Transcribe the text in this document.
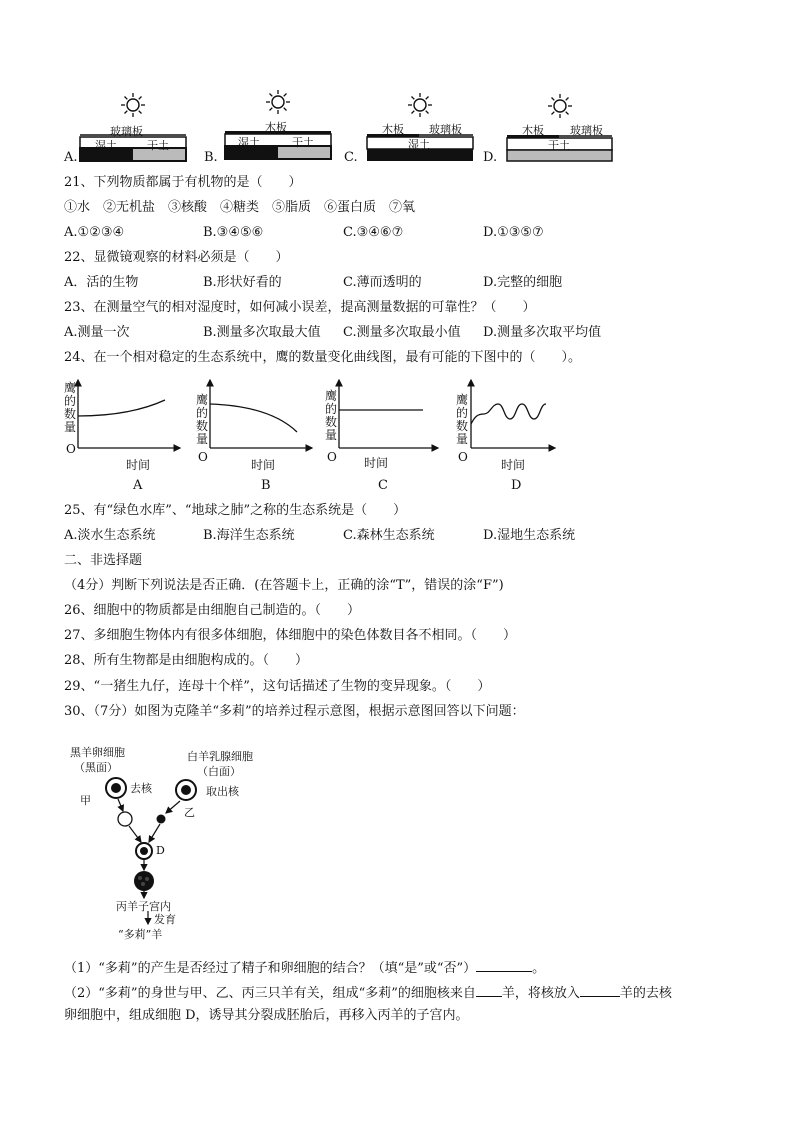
A.	B.	C.	D.
玻璃板
湿土	干土
木板
湿土	干土
木板 玻璃板
湿土
木板 玻璃板
干土
21、下列物质都属于有机物的是（　　）
①水　②无机盐　③核酸　④糖类　⑤脂质　⑥蛋白质　⑦氧
A.①②③④	B.③④⑤⑥	C.③④⑥⑦	D.①③⑤⑦
22、显微镜观察的材料必须是（　　）
A．活的生物	B.形状好看的	C.薄而透明的	D.完整的细胞
23、在测量空气的相对湿度时，如何减小误差，提高测量数据的可靠性？（　　）
A.测量一次	B.测量多次取最大值 C.测量多次取最小值 D.测量多次取平均值
24、在一个相对稳定的生态系统中，鹰的数量变化曲线图，最有可能的下图中的（　　）。
鹰
的
数
量
鹰
的
数
量
鹰
的
数
量
鹰
的
数
量
O
O	O	O
时间	时间	时间	时间
A	B	C	D
25、有“绿色水库”、“地球之肺”之称的生态系统是（　　）
A.淡水生态系统	B.海洋生态系统	C.森林生态系统	D.湿地生态系统
二、非选择题
（4分）判断下列说法是否正确．(在答题卡上，正确的涂“T”，错误的涂“F”)
26、细胞中的物质都是由细胞自己制造的。（　　）
27、多细胞生物体内有很多体细胞，体细胞中的染色体数目各不相同。（　　）
28、所有生物都是由细胞构成的。（　　）
29、“一猪生九仔，连母十个样”，这句话描述了生物的变异现象。（　　）
30、（7分）如图为克隆羊“多莉”的培养过程示意图，根据示意图回答以下问题：
黑羊卵细胞
（黑面）
白羊乳腺细胞
（白面）
去核	取出核
甲
乙
D
丙羊子宫内
发育
“多莉”羊
（1）“多莉”的产生是否经过了精子和卵细胞的结合？（填“是”或“否”）	。
（2）“多莉”的身世与甲、乙、丙三只羊有关，组成“多莉”的细胞核来自 羊，将核放入	羊的去核
卵细胞中，组成细胞 D，诱导其分裂成胚胎后，再移入丙羊的子宫内。
